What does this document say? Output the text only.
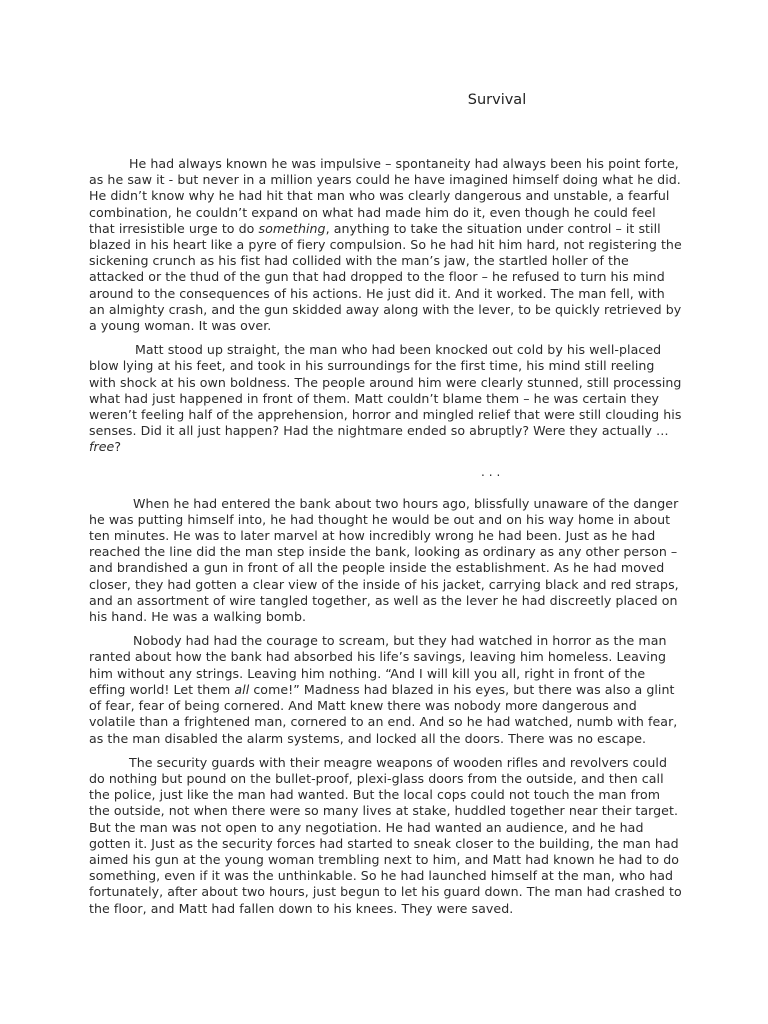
Survival

He had always known he was impulsive – spontaneity had always been his point forte, as he saw it - but never in a million years could he have imagined himself doing what he did. He didn’t know why he had hit that man who was clearly dangerous and unstable, a fearful combination, he couldn’t expand on what had made him do it, even though he could feel that irresistible urge to do something, anything to take the situation under control – it still blazed in his heart like a pyre of fiery compulsion. So he had hit him hard, not registering the sickening crunch as his fist had collided with the man’s jaw, the startled holler of the attacked or the thud of the gun that had dropped to the floor – he refused to turn his mind around to the consequences of his actions. He just did it. And it worked. The man fell, with an almighty crash, and the gun skidded away along with the lever, to be quickly retrieved by a young woman. It was over.

Matt stood up straight, the man who had been knocked out cold by his well-placed blow lying at his feet, and took in his surroundings for the first time, his mind still reeling with shock at his own boldness. The people around him were clearly stunned, still processing what had just happened in front of them. Matt couldn’t blame them – he was certain they weren’t feeling half of the apprehension, horror and mingled relief that were still clouding his senses. Did it all just happen? Had the nightmare ended so abruptly? Were they actually … free?

. . .

When he had entered the bank about two hours ago, blissfully unaware of the danger he was putting himself into, he had thought he would be out and on his way home in about ten minutes. He was to later marvel at how incredibly wrong he had been. Just as he had reached the line did the man step inside the bank, looking as ordinary as any other person – and brandished a gun in front of all the people inside the establishment. As he had moved closer, they had gotten a clear view of the inside of his jacket, carrying black and red straps, and an assortment of wire tangled together, as well as the lever he had discreetly placed on his hand. He was a walking bomb.

Nobody had had the courage to scream, but they had watched in horror as the man ranted about how the bank had absorbed his life’s savings, leaving him homeless. Leaving him without any strings. Leaving him nothing. “And I will kill you all, right in front of the effing world! Let them all come!” Madness had blazed in his eyes, but there was also a glint of fear, fear of being cornered. And Matt knew there was nobody more dangerous and volatile than a frightened man, cornered to an end. And so he had watched, numb with fear, as the man disabled the alarm systems, and locked all the doors. There was no escape.

The security guards with their meagre weapons of wooden rifles and revolvers could do nothing but pound on the bullet-proof, plexi-glass doors from the outside, and then call the police, just like the man had wanted. But the local cops could not touch the man from the outside, not when there were so many lives at stake, huddled together near their target. But the man was not open to any negotiation. He had wanted an audience, and he had gotten it. Just as the security forces had started to sneak closer to the building, the man had aimed his gun at the young woman trembling next to him, and Matt had known he had to do something, even if it was the unthinkable. So he had launched himself at the man, who had fortunately, after about two hours, just begun to let his guard down. The man had crashed to the floor, and Matt had fallen down to his knees. They were saved.
